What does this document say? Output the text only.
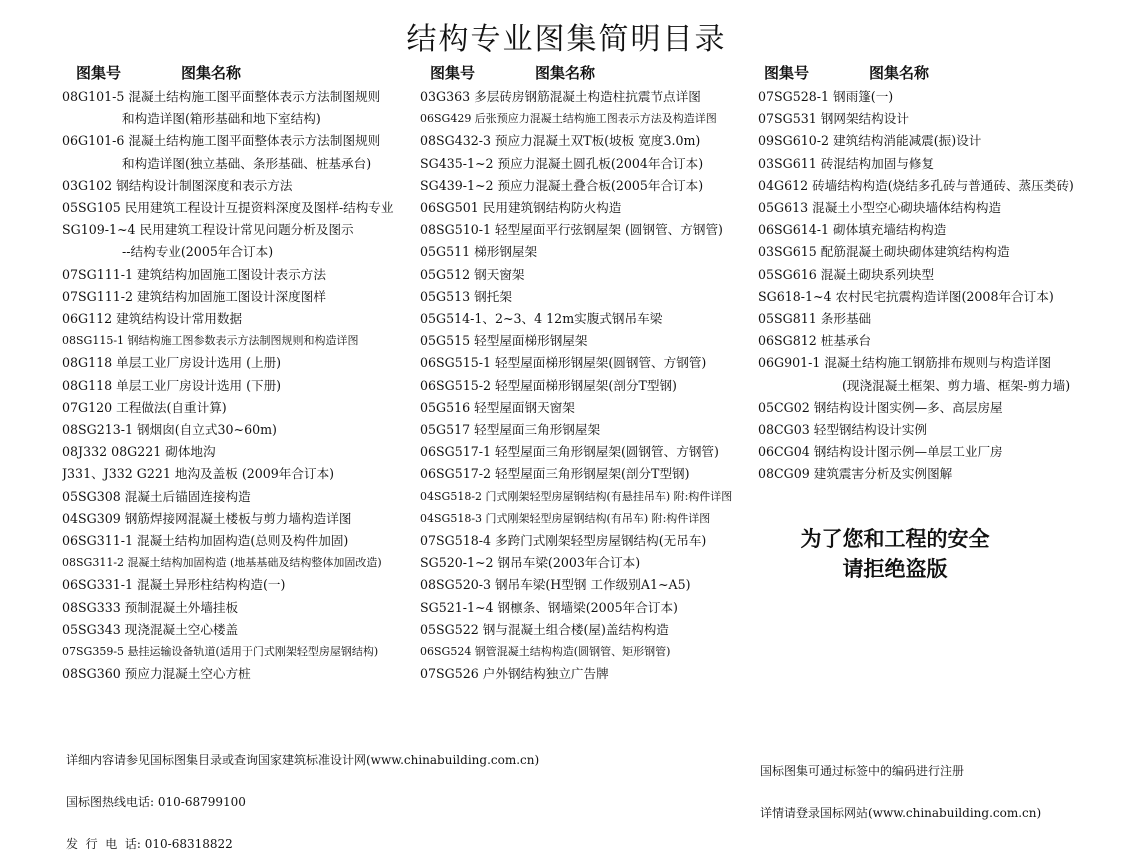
结构专业图集简明目录
图集号	图集名称
08G101-5 混凝土结构施工图平面整体表示方法制图规则
和构造详图(箱形基础和地下室结构)
06G101-6 混凝土结构施工图平面整体表示方法制图规则
和构造详图(独立基础、条形基础、桩基承台)
03G102 钢结构设计制图深度和表示方法
05SG105 民用建筑工程设计互提资料深度及图样-结构专业
SG109-1~4 民用建筑工程设计常见问题分析及图示
--结构专业(2005年合订本)
07SG111-1 建筑结构加固施工图设计表示方法
07SG111-2 建筑结构加固施工图设计深度图样
06G112 建筑结构设计常用数据
08SG115-1 钢结构施工图参数表示方法制图规则和构造详图
08G118 单层工业厂房设计选用 (上册)
08G118 单层工业厂房设计选用 (下册)
07G120 工程做法(自重计算)
08SG213-1 钢烟囱(自立式30~60m)
08J332 08G221 砌体地沟
J331、J332 G221 地沟及盖板 (2009年合订本)
05SG308 混凝土后锚固连接构造
04SG309 钢筋焊接网混凝土楼板与剪力墙构造详图
06SG311-1 混凝土结构加固构造(总则及构件加固)
08SG311-2 混凝土结构加固构造 (地基基础及结构整体加固改造)
06SG331-1 混凝土异形柱结构构造(一)
08SG333 预制混凝土外墙挂板
05SG343 现浇混凝土空心楼盖
07SG359-5 悬挂运输设备轨道(适用于门式刚架轻型房屋钢结构)
08SG360 预应力混凝土空心方桩
图集号	图集名称
03G363 多层砖房钢筋混凝土构造柱抗震节点详图
06SG429 后张预应力混凝土结构施工图表示方法及构造详图
08SG432-3 预应力混凝土双T板(坡板 宽度3.0m)
SG435-1~2 预应力混凝土圆孔板(2004年合订本)
SG439-1~2 预应力混凝土叠合板(2005年合订本)
06SG501 民用建筑钢结构防火构造
08SG510-1 轻型屋面平行弦钢屋架 (圆钢管、方钢管)
05G511 梯形钢屋架
05G512 钢天窗架
05G513 钢托架
05G514-1、2~3、4 12m实腹式钢吊车梁
05G515 轻型屋面梯形钢屋架
06SG515-1 轻型屋面梯形钢屋架(圆钢管、方钢管)
06SG515-2 轻型屋面梯形钢屋架(剖分T型钢)
05G516 轻型屋面钢天窗架
05G517 轻型屋面三角形钢屋架
06SG517-1 轻型屋面三角形钢屋架(圆钢管、方钢管)
06SG517-2 轻型屋面三角形钢屋架(剖分T型钢)
04SG518-2 门式刚架轻型房屋钢结构(有悬挂吊车) 附:构件详图
04SG518-3 门式刚架轻型房屋钢结构(有吊车) 附:构件详图
07SG518-4 多跨门式刚架轻型房屋钢结构(无吊车)
SG520-1~2 钢吊车梁(2003年合订本)
08SG520-3 钢吊车梁(H型钢 工作级别A1~A5)
SG521-1~4 钢檩条、钢墙梁(2005年合订本)
05SG522 钢与混凝土组合楼(屋)盖结构构造
06SG524 钢管混凝土结构构造(圆钢管、矩形钢管)
07SG526 户外钢结构独立广告牌
图集号	图集名称
07SG528-1 钢雨篷(一)
07SG531 钢网架结构设计
09SG610-2 建筑结构消能减震(振)设计
03SG611 砖混结构加固与修复
04G612 砖墙结构构造(烧结多孔砖与普通砖、蒸压类砖)
05G613 混凝土小型空心砌块墙体结构构造
06SG614-1 砌体填充墙结构构造
03SG615 配筋混凝土砌块砌体建筑结构构造
05SG616 混凝土砌块系列块型
SG618-1~4 农村民宅抗震构造详图(2008年合订本)
05SG811 条形基础
06SG812 桩基承台
06G901-1 混凝土结构施工钢筋排布规则与构造详图
(现浇混凝土框架、剪力墙、框架-剪力墙)
05CG02 钢结构设计图实例—多、高层房屋
08CG03 轻型钢结构设计实例
06CG04 钢结构设计图示例—单层工业厂房
08CG09 建筑震害分析及实例图解
为了您和工程的安全
请拒绝盗版

详细内容请参见国标图集目录或查询国家建筑标准设计网(www.chinabuilding.com.cn)

国标图热线电话: 010-68799100

发  行  电  话: 010-68318822

国标图集可通过标签中的编码进行注册

详情请登录国标网站(www.chinabuilding.com.cn)
